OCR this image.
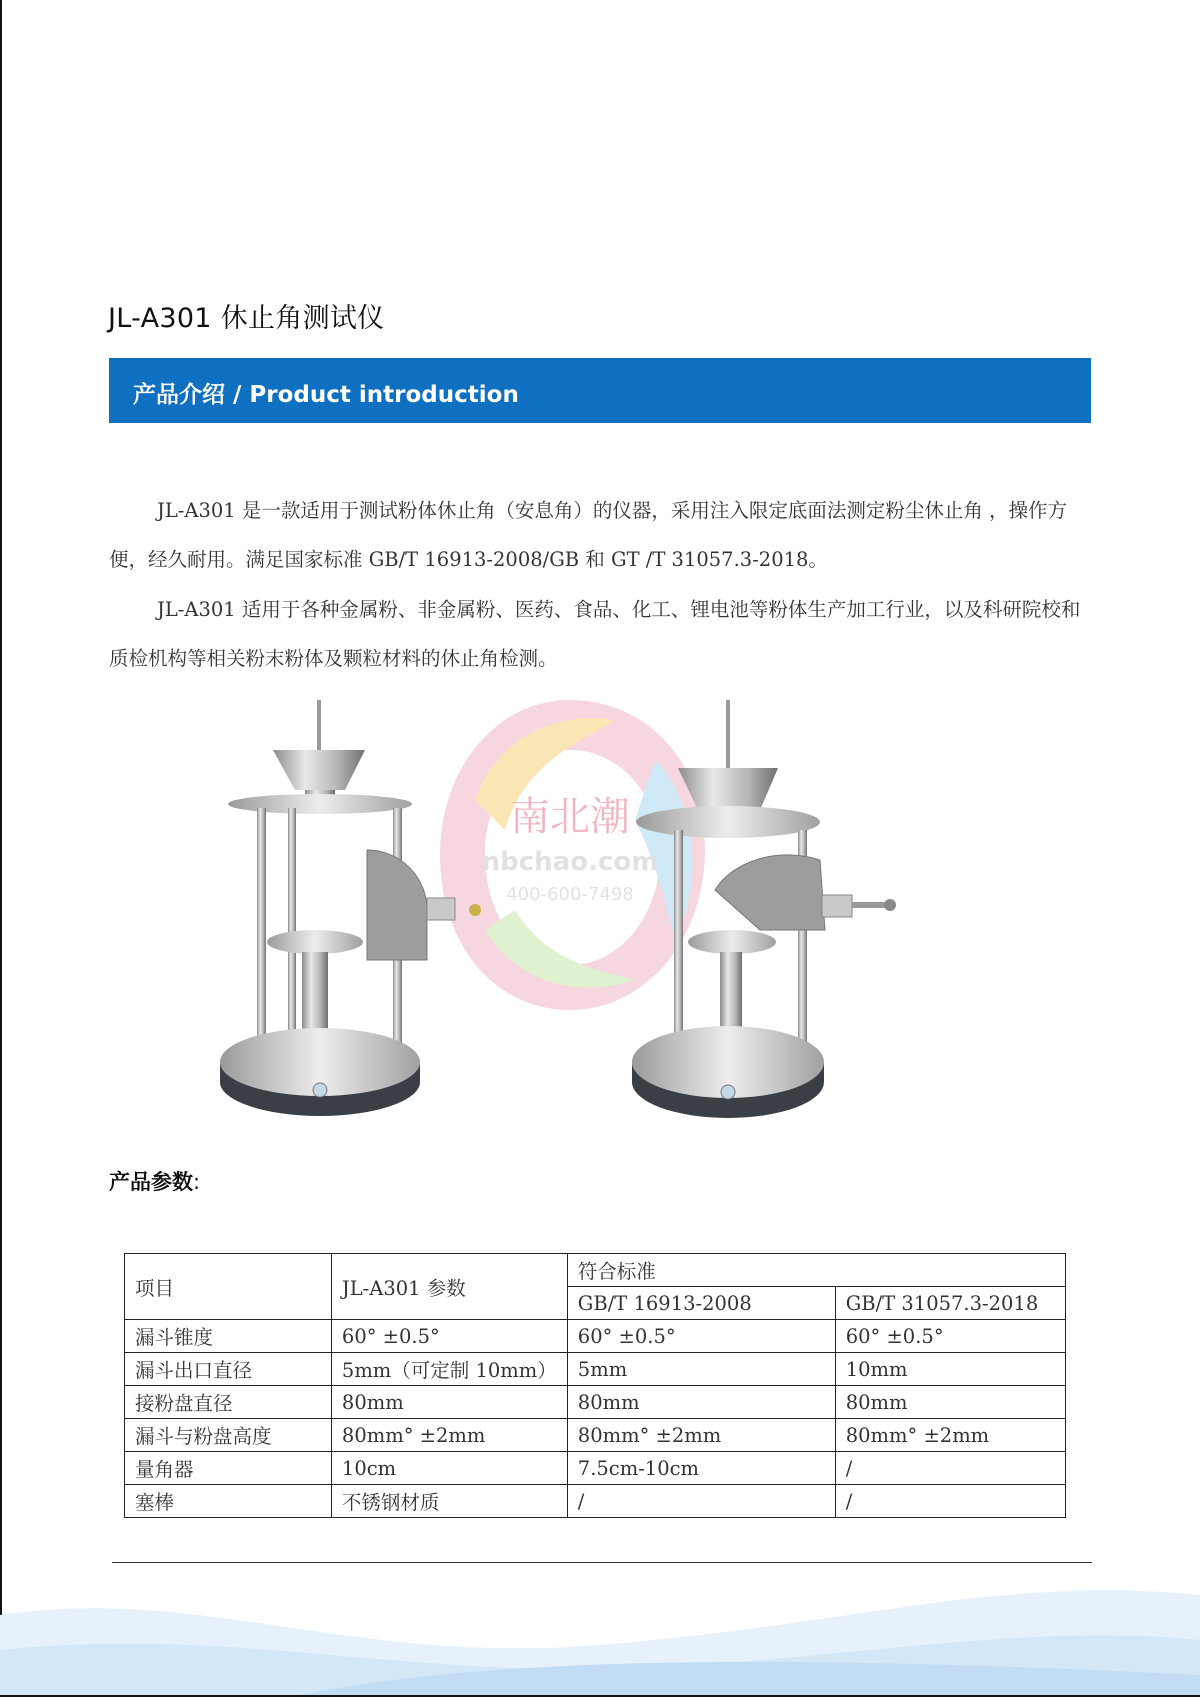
JL-A301 休止角测试仪
产品介绍 / Product introduction
JL-A301 是一款适用于测试粉体休止角（安息角）的仪器，采用注入限定底面法测定粉尘休止角 ，操作方便，经久耐用。满足国家标准 GB/T 16913-2008/GB 和 GT /T 31057.3-2018。
JL-A301 适用于各种金属粉、非金属粉、医药、食品、化工、锂电池等粉体生产加工行业，以及科研院校和质检机构等相关粉末粉体及颗粒材料的休止角检测。
南北潮
nbchao.com
400-600-7498
产品参数:
项目	JL-A301 参数	符合标准	
		GB/T 16913-2008	GB/T 31057.3-2018
漏斗锥度	60° ±0.5°	60° ±0.5°	60° ±0.5°
漏斗出口直径	5mm（可定制 10mm）	5mm	10mm
接粉盘直径	80mm	80mm	80mm
漏斗与粉盘高度	80mm° ±2mm	80mm° ±2mm	80mm° ±2mm
量角器	10cm	7.5cm-10cm	/
塞棒	不锈钢材质	/	/
